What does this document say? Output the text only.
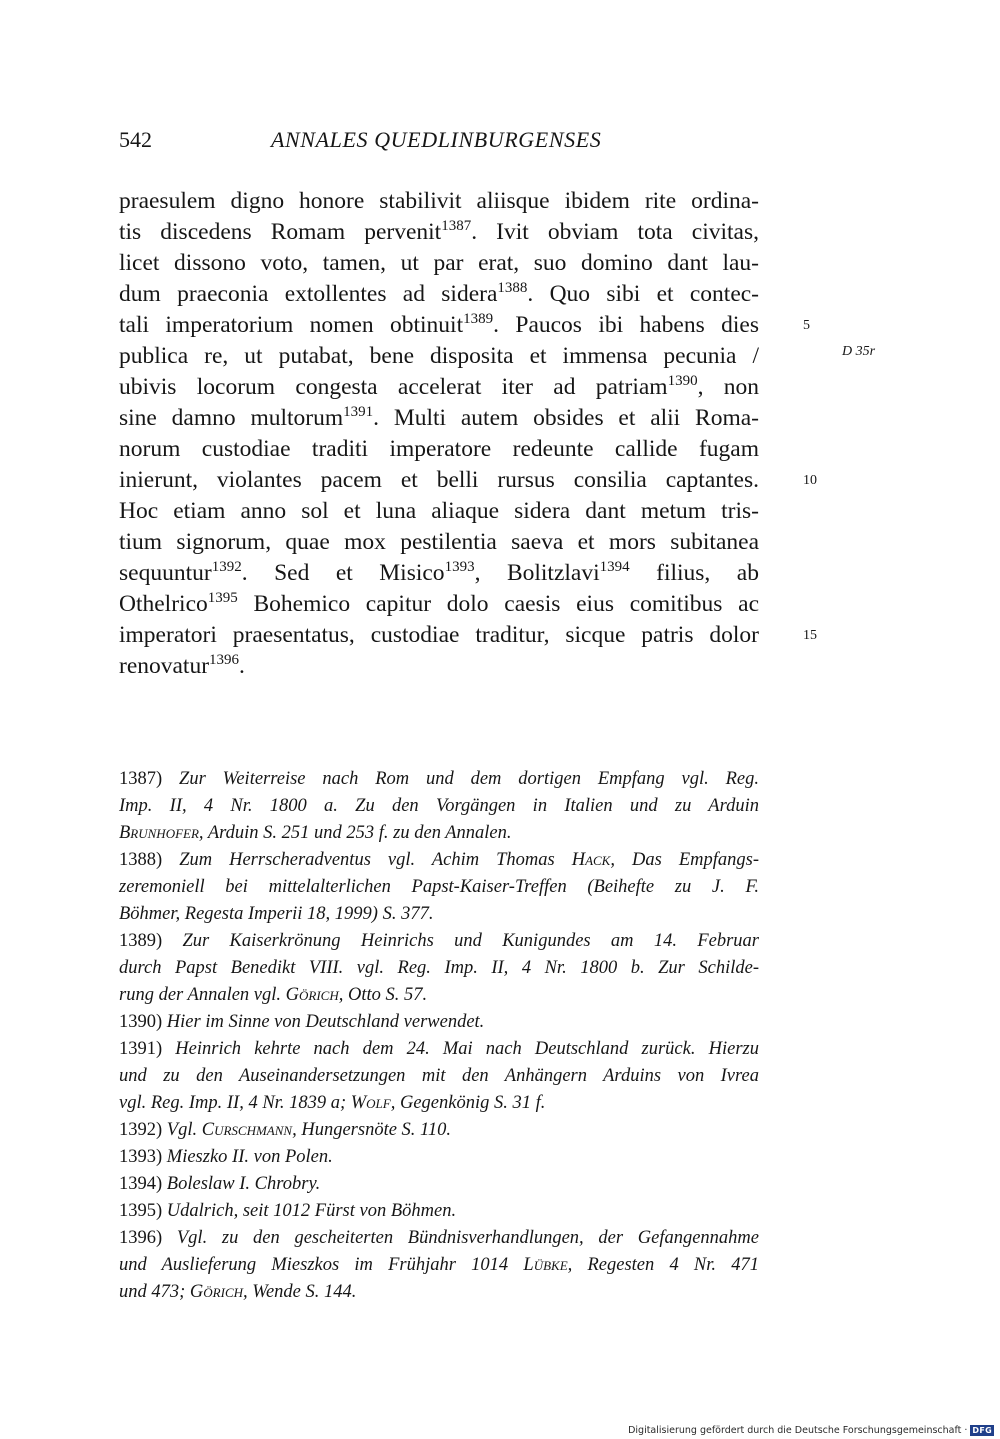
542	ANNALES QUEDLINBURGENSES
praesulem digno honore stabilivit aliisque ibidem rite ordina-
tis discedens Romam pervenit$^{1387}$. Ivit obviam tota civitas,
licet dissono voto, tamen, ut par erat, suo domino dant lau-
dum praeconia extollentes ad sidera$^{1388}$. Quo sibi et contec-
tali imperatorium nomen obtinuit$^{1389}$. Paucos ibi habens dies
publica re, ut putabat, bene disposita et immensa pecunia /
ubivis locorum congesta accelerat iter ad patriam$^{1390}$, non
sine damno multorum$^{1391}$. Multi autem obsides et alii Roma-
norum custodiae traditi imperatore redeunte callide fugam
inierunt, violantes pacem et belli rursus consilia captantes.
Hoc etiam anno sol et luna aliaque sidera dant metum tris-
tium signorum, quae mox pestilentia saeva et mors subitanea
sequuntur$^{1392}$. Sed et Misico$^{1393}$, Bolitzlavi$^{1394}$ filius, ab
Othelrico$^{1395}$ Bohemico capitur dolo caesis eius comitibus ac
imperatori praesentatus, custodiae traditur, sicque patris dolor
renovatur$^{1396}$.
5
10
15
D 35r
1387) Zur Weiterreise nach Rom und dem dortigen Empfang vgl. Reg.
Imp. II, 4 Nr. 1800 a. Zu den Vorgängen in Italien und zu Arduin
Brunhofer, Arduin S. 251 und 253 f. zu den Annalen.
1388) Zum Herrscheradventus vgl. Achim Thomas Hack, Das Empfangs-
zeremoniell bei mittelalterlichen Papst-Kaiser-Treffen (Beihefte zu J. F.
Böhmer, Regesta Imperii 18, 1999) S. 377.
1389) Zur Kaiserkrönung Heinrichs und Kunigundes am 14. Februar
durch Papst Benedikt VIII. vgl. Reg. Imp. II, 4 Nr. 1800 b. Zur Schilde-
rung der Annalen vgl. Görich, Otto S. 57.
1390) Hier im Sinne von Deutschland verwendet.
1391) Heinrich kehrte nach dem 24. Mai nach Deutschland zurück. Hierzu
und zu den Auseinandersetzungen mit den Anhängern Arduins von Ivrea
vgl. Reg. Imp. II, 4 Nr. 1839 a; Wolf, Gegenkönig S. 31 f.
1392) Vgl. Curschmann, Hungersnöte S. 110.
1393) Mieszko II. von Polen.
1394) Boleslaw I. Chrobry.
1395) Udalrich, seit 1012 Fürst von Böhmen.
1396) Vgl. zu den gescheiterten Bündnisverhandlungen, der Gefangennahme
und Auslieferung Mieszkos im Frühjahr 1014 Lübke, Regesten 4 Nr. 471
und 473; Görich, Wende S. 144.
Digitalisierung gefördert durch die Deutsche Forschungsgemeinschaft · DFG
